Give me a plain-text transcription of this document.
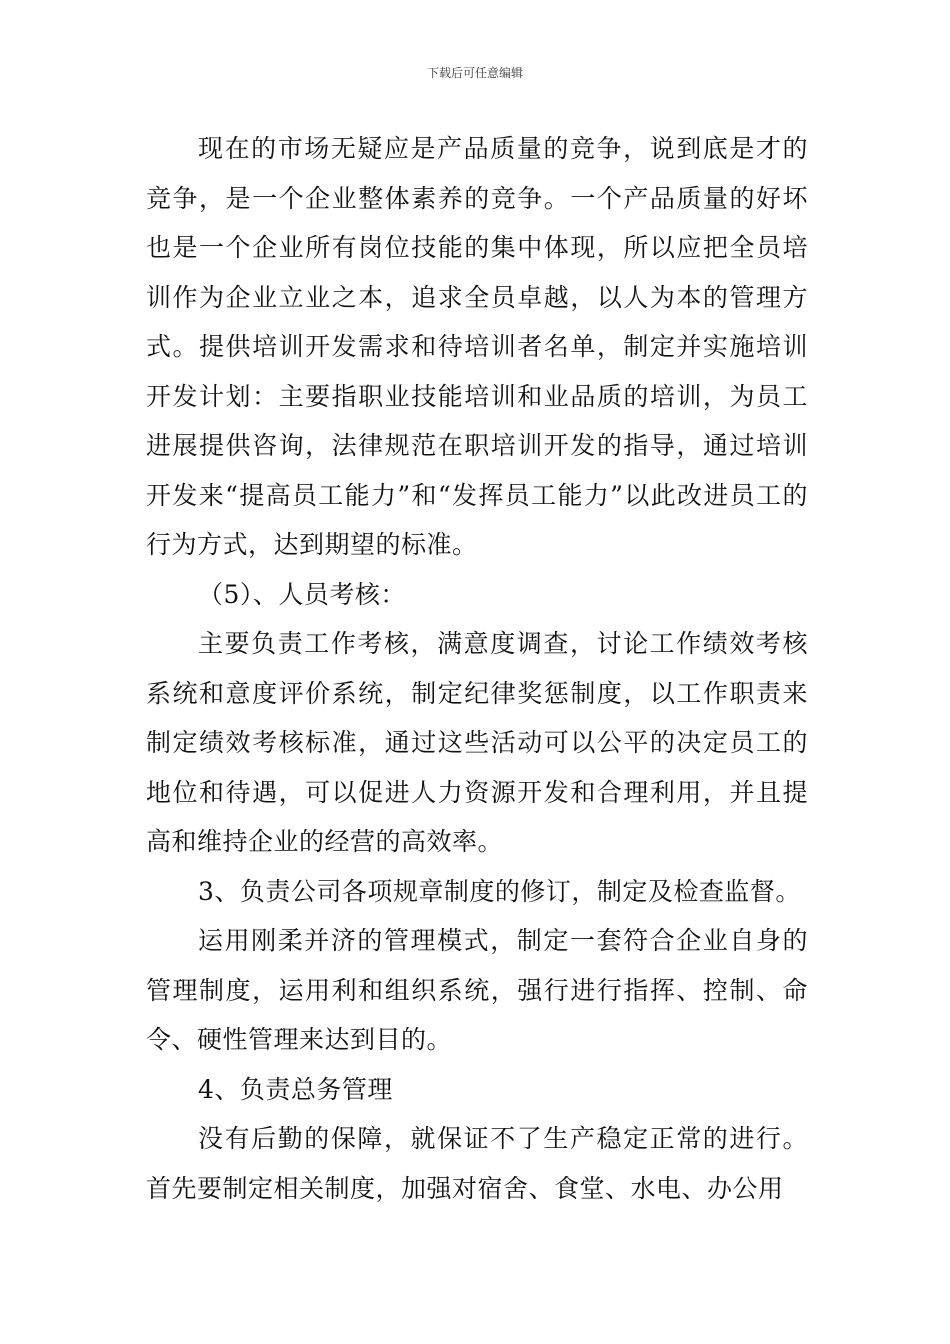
下载后可任意编辑

现在的市场无疑应是产品质量的竞争，说到底是才的竞争，是一个企业整体素养的竞争。一个产品质量的好坏也是一个企业所有岗位技能的集中体现，所以应把全员培训作为企业立业之本，追求全员卓越，以人为本的管理方式。提供培训开发需求和待培训者名单，制定并实施培训开发计划：主要指职业技能培训和业品质的培训，为员工进展提供咨询，法律规范在职培训开发的指导，通过培训开发来“提高员工能力”和“发挥员工能力”以此改进员工的行为方式，达到期望的标准。

（5）、人员考核：

主要负责工作考核，满意度调查，讨论工作绩效考核系统和意度评价系统，制定纪律奖惩制度，以工作职责来制定绩效考核标准，通过这些活动可以公平的决定员工的地位和待遇，可以促进人力资源开发和合理利用，并且提高和维持企业的经营的高效率。

3、负责公司各项规章制度的修订，制定及检查监督。

运用刚柔并济的管理模式，制定一套符合企业自身的管理制度，运用利和组织系统，强行进行指挥、控制、命令、硬性管理来达到目的。

4、负责总务管理

没有后勤的保障，就保证不了生产稳定正常的进行。首先要制定相关制度，加强对宿舍、食堂、水电、办公用
